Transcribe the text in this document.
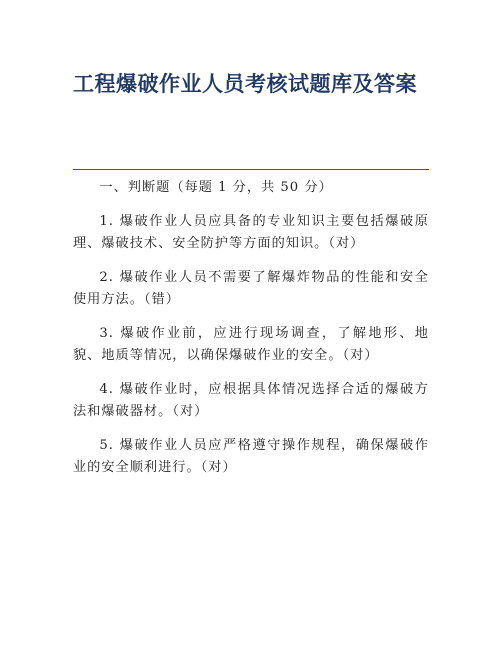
工程爆破作业人员考核试题库及答案

一、判断题（每题 1 分，共 50 分）

1. 爆破作业人员应具备的专业知识主要包括爆破原理、爆破技术、安全防护等方面的知识。（对）

2. 爆破作业人员不需要了解爆炸物品的性能和安全使用方法。（错）

3. 爆破作业前，应进行现场调查，了解地形、地貌、地质等情况，以确保爆破作业的安全。（对）

4. 爆破作业时，应根据具体情况选择合适的爆破方法和爆破器材。（对）

5. 爆破作业人员应严格遵守操作规程，确保爆破作业的安全顺利进行。（对）
